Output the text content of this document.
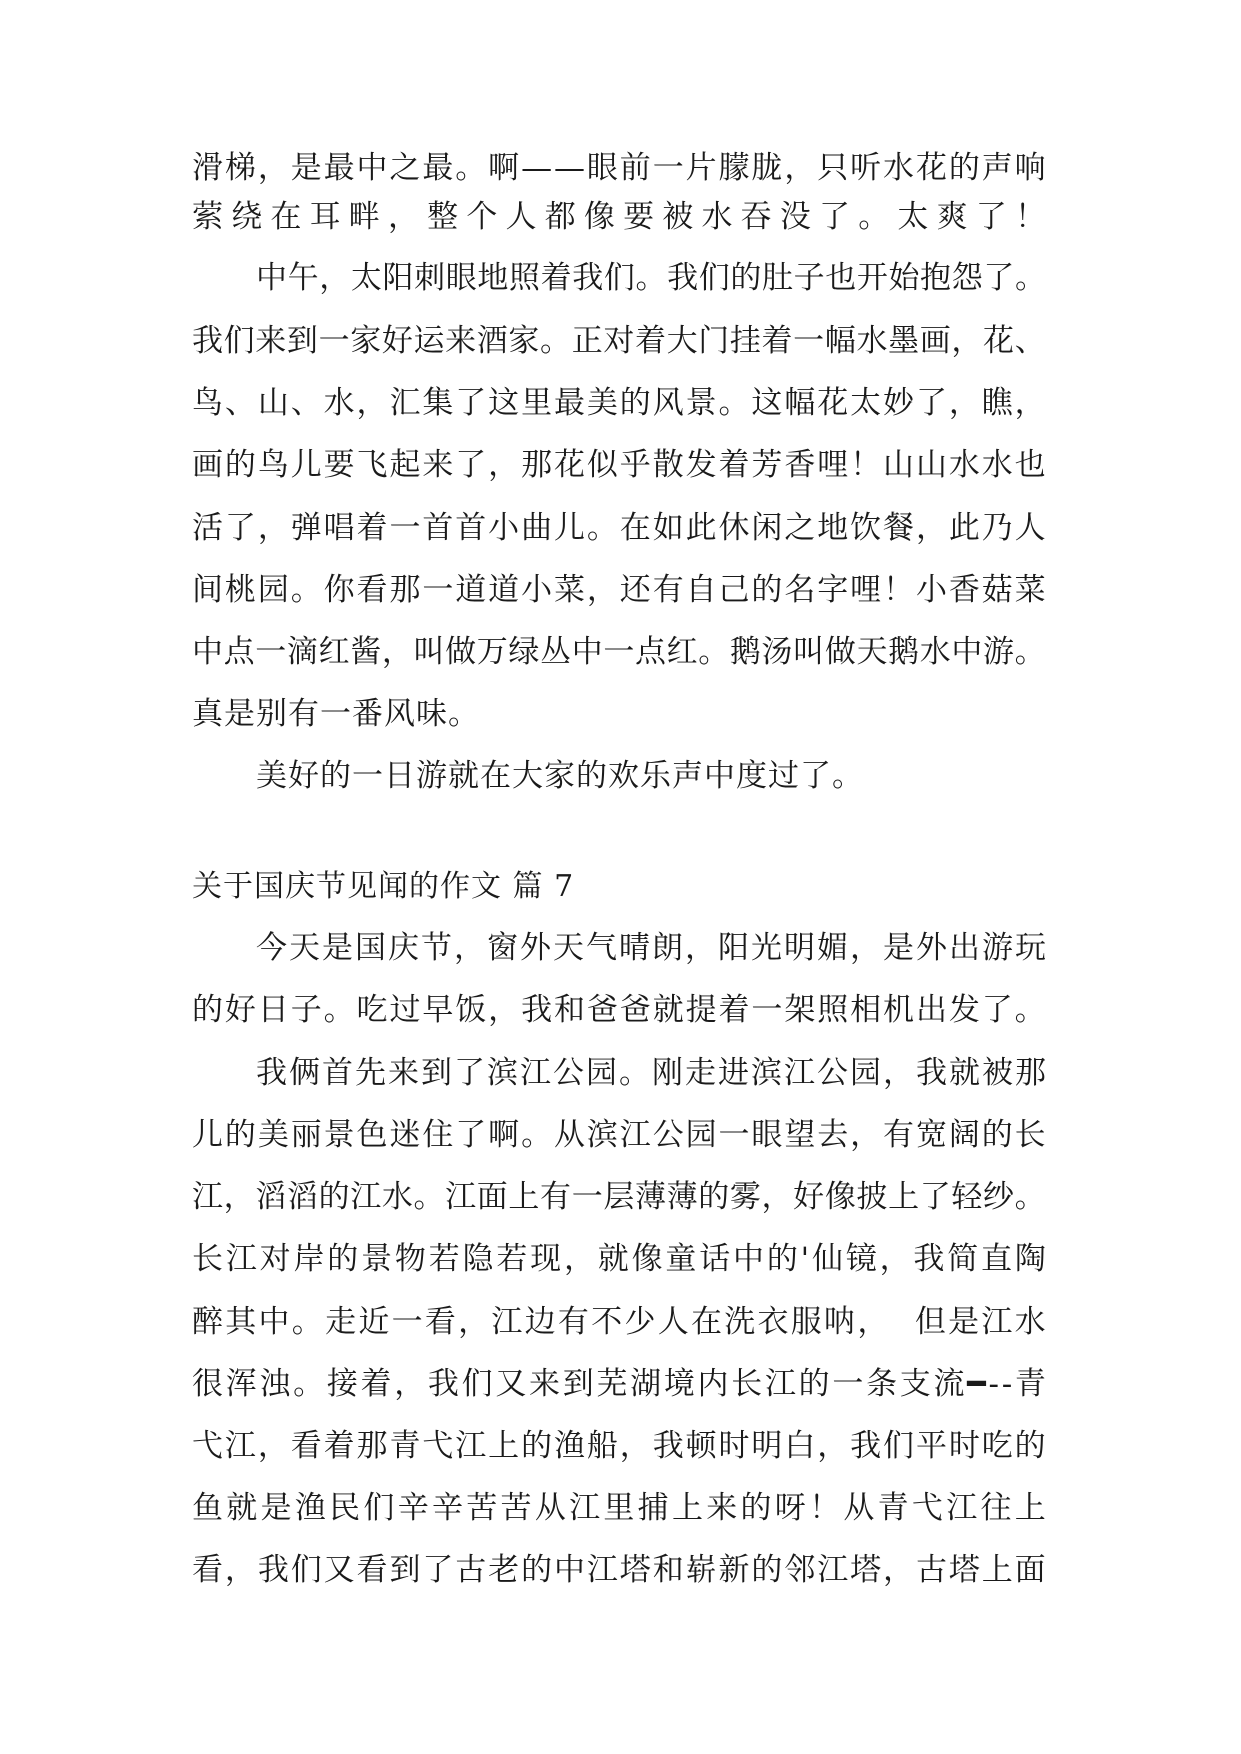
滑 梯 ， 是 最 中 之 最 。 啊 — — 眼 前 一 片 朦 胧 ， 只 听 水 花 的 声 响
萦 绕 在 耳 畔 ， 整 个 人 都 像 要 被 水 吞 没 了 。 太 爽 了 ！
中 午 ， 太 阳 刺 眼 地 照 着 我 们 。 我 们 的 肚 子 也 开 始 抱 怨 了 。
我 们 来 到 一 家 好 运 来 酒 家 。 正 对 着 大 门 挂 着 一 幅 水 墨 画 ， 花 、
鸟 、 山 、 水 ， 汇 集 了 这 里 最 美 的 风 景 。 这 幅 花 太 妙 了 ， 瞧 ，
画 的 鸟 儿 要 飞 起 来 了 ， 那 花 似 乎 散 发 着 芳 香 哩 ！ 山 山 水 水 也
活 了 ， 弹 唱 着 一 首 首 小 曲 儿 。 在 如 此 休 闲 之 地 饮 餐 ， 此 乃 人
间 桃 园 。 你 看 那 一 道 道 小 菜 ， 还 有 自 己 的 名 字 哩 ！ 小 香 菇 菜
中 点 一 滴 红 酱 ， 叫 做 万 绿 丛 中 一 点 红 。 鹅 汤 叫 做 天 鹅 水 中 游 。
真是别有一番风味。
美好的一日游就在大家的欢乐声中度过了。
关于国庆节见闻的作文 篇 7
今 天 是 国 庆 节 ， 窗 外 天 气 晴 朗 ， 阳 光 明 媚 ， 是 外 出 游 玩
的 好 日 子 。 吃 过 早 饭 ， 我 和 爸 爸 就 提 着 一 架 照 相 机 出 发 了 。
我 俩 首 先 来 到 了 滨 江 公 园 。 刚 走 进 滨 江 公 园 ， 我 就 被 那
儿 的 美 丽 景 色 迷 住 了 啊 。 从 滨 江 公 园 一 眼 望 去 ， 有 宽 阔 的 长
江 ， 滔 滔 的 江 水 。 江 面 上 有 一 层 薄 薄 的 雾 ， 好 像 披 上 了 轻 纱 。
长 江 对 岸 的 景 物 若 隐 若 现 ， 就 像 童 话 中 的 ' 仙 镜 ， 我 简 直 陶
醉 其 中 。 走 近 一 看 ， 江 边 有 不 少 人 在 洗 衣 服 呐 ，

但 是 江 水
很 浑 浊 。 接 着 ， 我 们 又 来 到 芜 湖 境 内 长 江 的 一 条 支 流 ━ - - 青
弋 江 ， 看 着 那 青 弋 江 上 的 渔 船 ， 我 顿 时 明 白 ， 我 们 平 时 吃 的
鱼 就 是 渔 民 们 辛 辛 苦 苦 从 江 里 捕 上 来 的 呀 ！ 从 青 弋 江 往 上
看 ， 我 们 又 看 到 了 古 老 的 中 江 塔 和 崭 新 的 邻 江 塔 ， 古 塔 上 面
